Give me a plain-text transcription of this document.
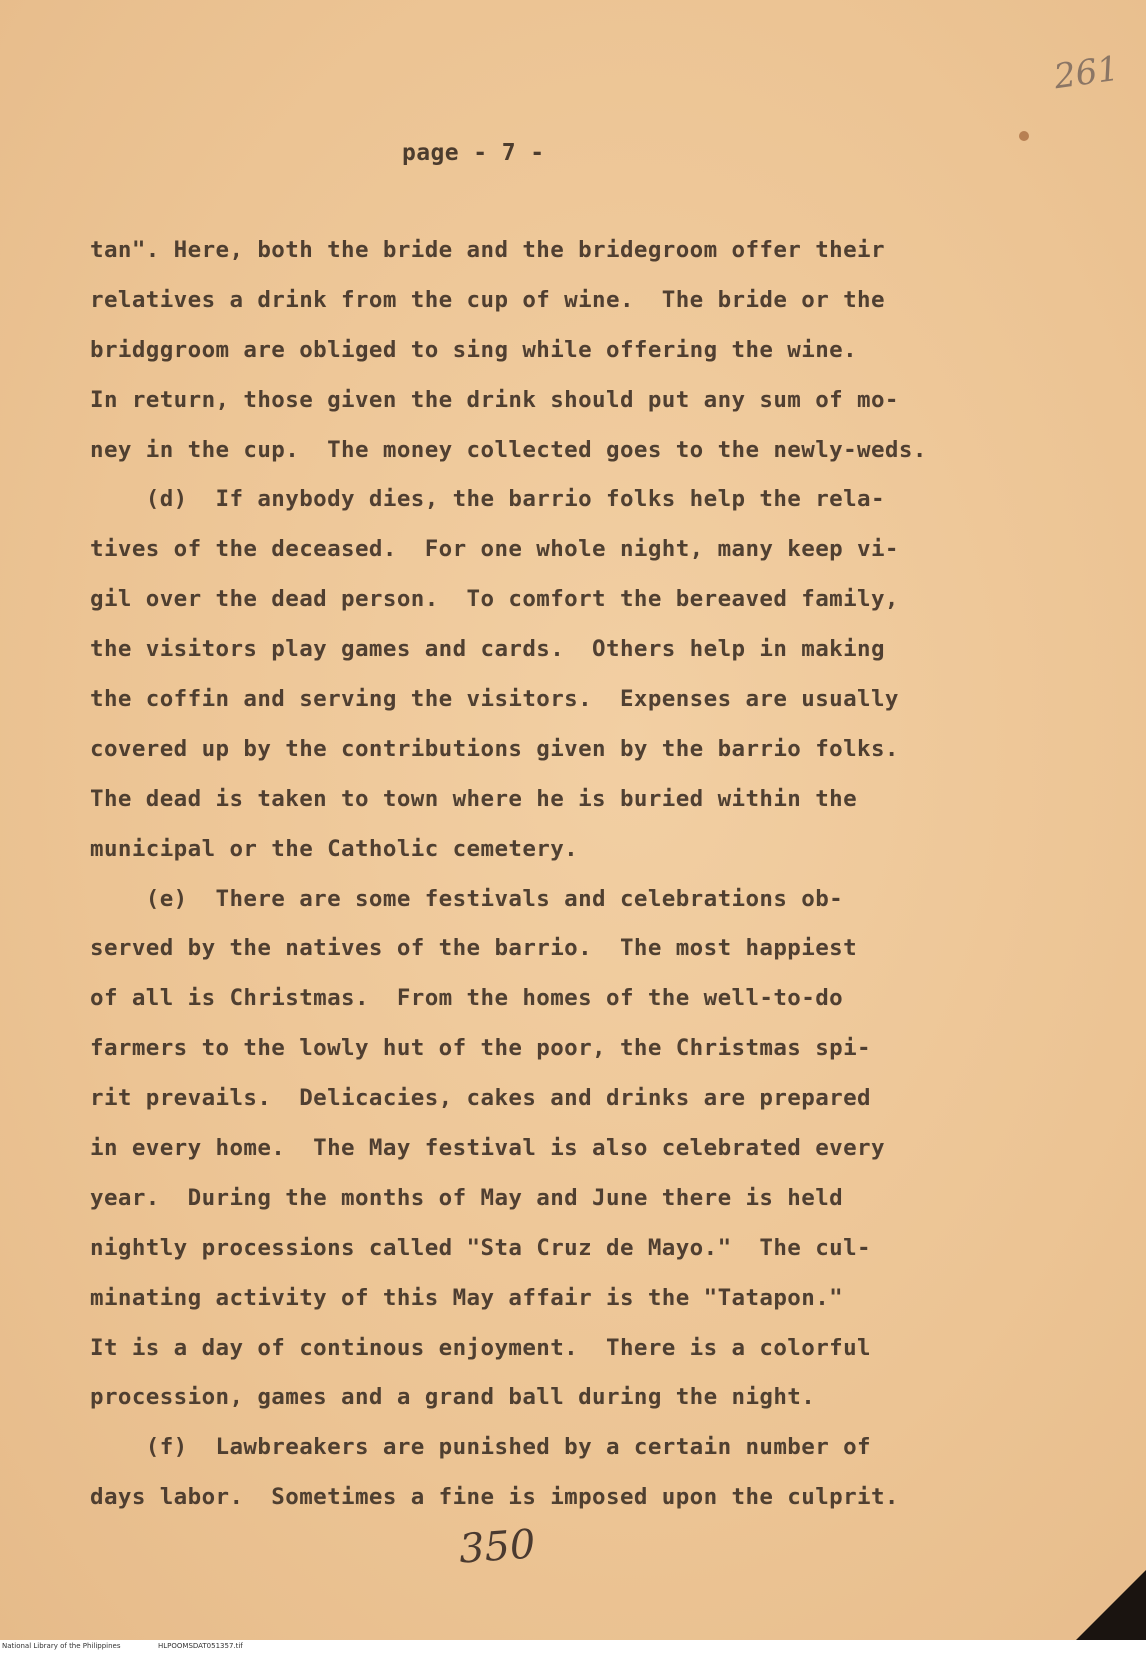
261
page - 7 -
tan". Here, both the bride and the bridegroom offer their
relatives a drink from the cup of wine.  The bride or the
bridggroom are obliged to sing while offering the wine.
In return, those given the drink should put any sum of mo-
ney in the cup.  The money collected goes to the newly-weds.
(d)  If anybody dies, the barrio folks help the rela-
tives of the deceased.  For one whole night, many keep vi-
gil over the dead person.  To comfort the bereaved family,
the visitors play games and cards.  Others help in making
the coffin and serving the visitors.  Expenses are usually
covered up by the contributions given by the barrio folks.
The dead is taken to town where he is buried within the
municipal or the Catholic cemetery.
(e)  There are some festivals and celebrations ob-
served by the natives of the barrio.  The most happiest
of all is Christmas.  From the homes of the well-to-do
farmers to the lowly hut of the poor, the Christmas spi-
rit prevails.  Delicacies, cakes and drinks are prepared
in every home.  The May festival is also celebrated every
year.  During the months of May and June there is held
nightly processions called "Sta Cruz de Mayo."  The cul-
minating activity of this May affair is the "Tatapon."
It is a day of continous enjoyment.  There is a colorful
procession, games and a grand ball during the night.
(f)  Lawbreakers are punished by a certain number of
days labor.  Sometimes a fine is imposed upon the culprit.
350
National Library of the Philippines	HLPOOMSDAT051357.tif
